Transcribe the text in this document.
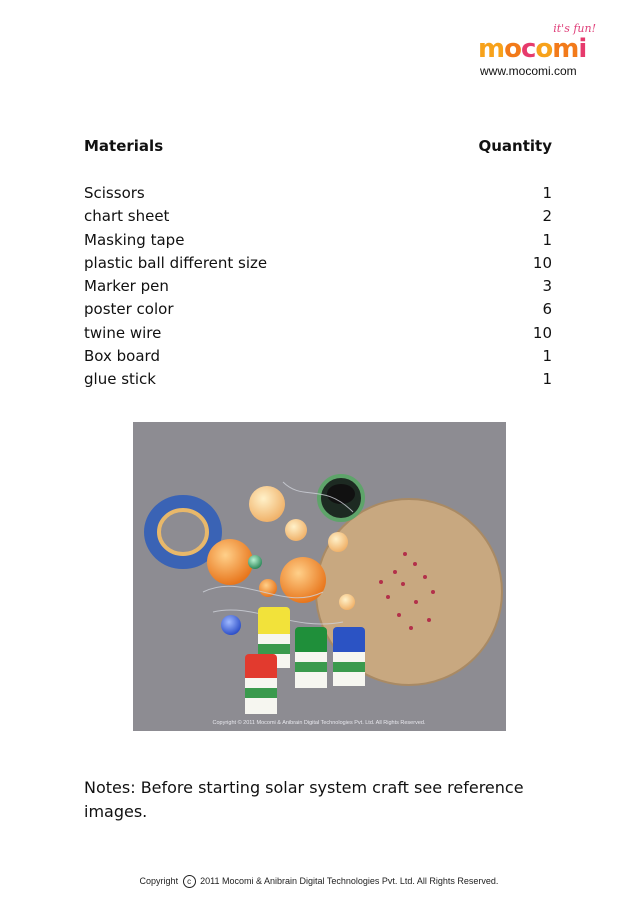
it's fun!
m o c o m i
www.mocomi.com
Materials	Quantity
Scissors	1
chart sheet	2
Masking tape	1
plastic ball different size	10
Marker pen	3
poster color	6
twine wire	10
Box board	1
glue stick	1
Copyright © 2011 Mocomi & Anibrain Digital Technologies Pvt. Ltd. All Rights Reserved.
Notes: Before starting solar system craft see reference images.
Copyright c 2011 Mocomi & Anibrain Digital Technologies Pvt. Ltd. All Rights Reserved.
